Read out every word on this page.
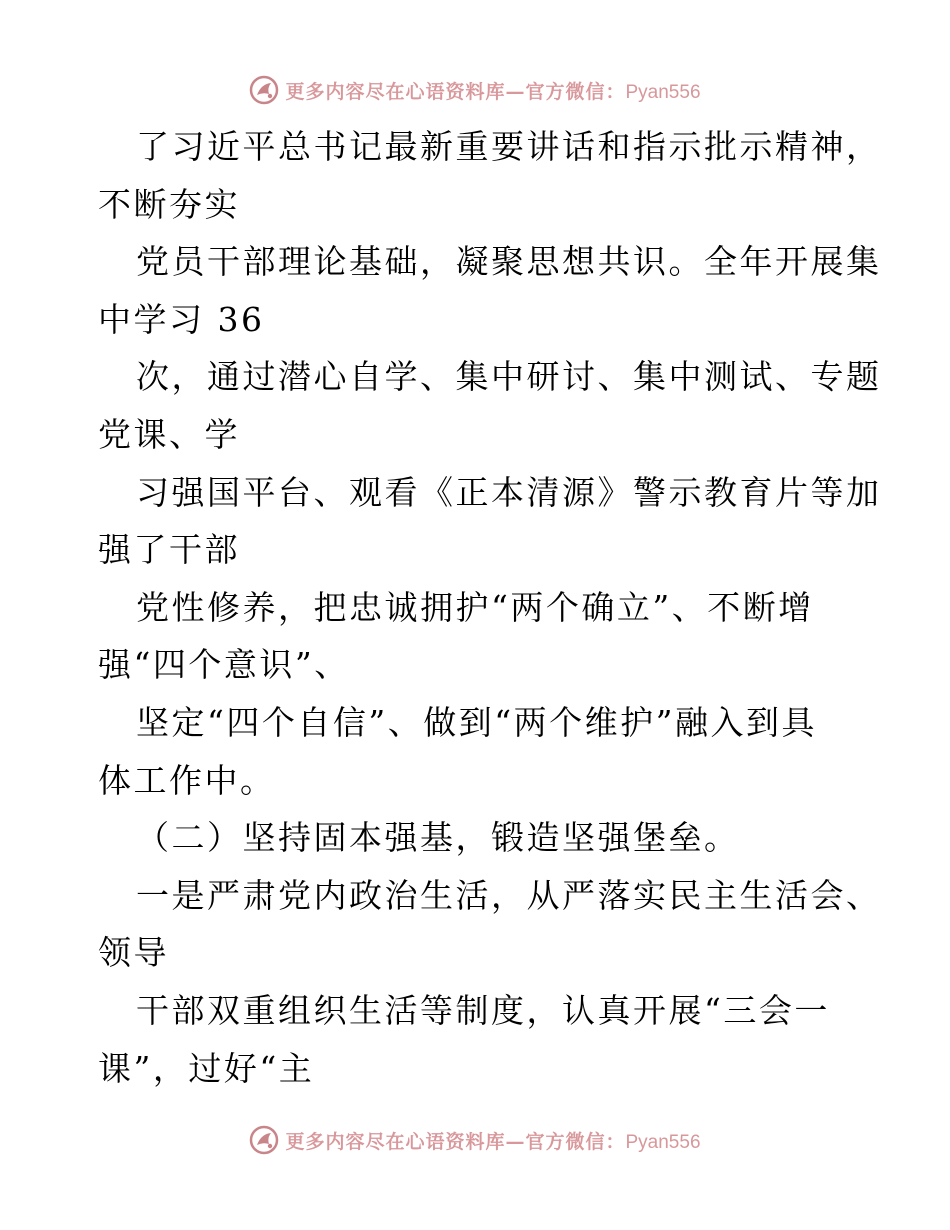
更多内容尽在心语资料库—官方微信：Pyan556
了习近平总书记最新重要讲话和指示批示精神，
不断夯实
党员干部理论基础，凝聚思想共识。全年开展集
中学习 36
次，通过潜心自学、集中研讨、集中测试、专题
党课、学
习强国平台、观看《正本清源》警示教育片等加
强了干部
党性修养，把忠诚拥护“两个确立”、不断增
强“四个意识”、
坚定“四个自信”、做到“两个维护”融入到具
体工作中。
（二）坚持固本强基，锻造坚强堡垒。
一是严肃党内政治生活，从严落实民主生活会、
领导
干部双重组织生活等制度，认真开展“三会一
课”，过好“主
更多内容尽在心语资料库—官方微信：Pyan556
